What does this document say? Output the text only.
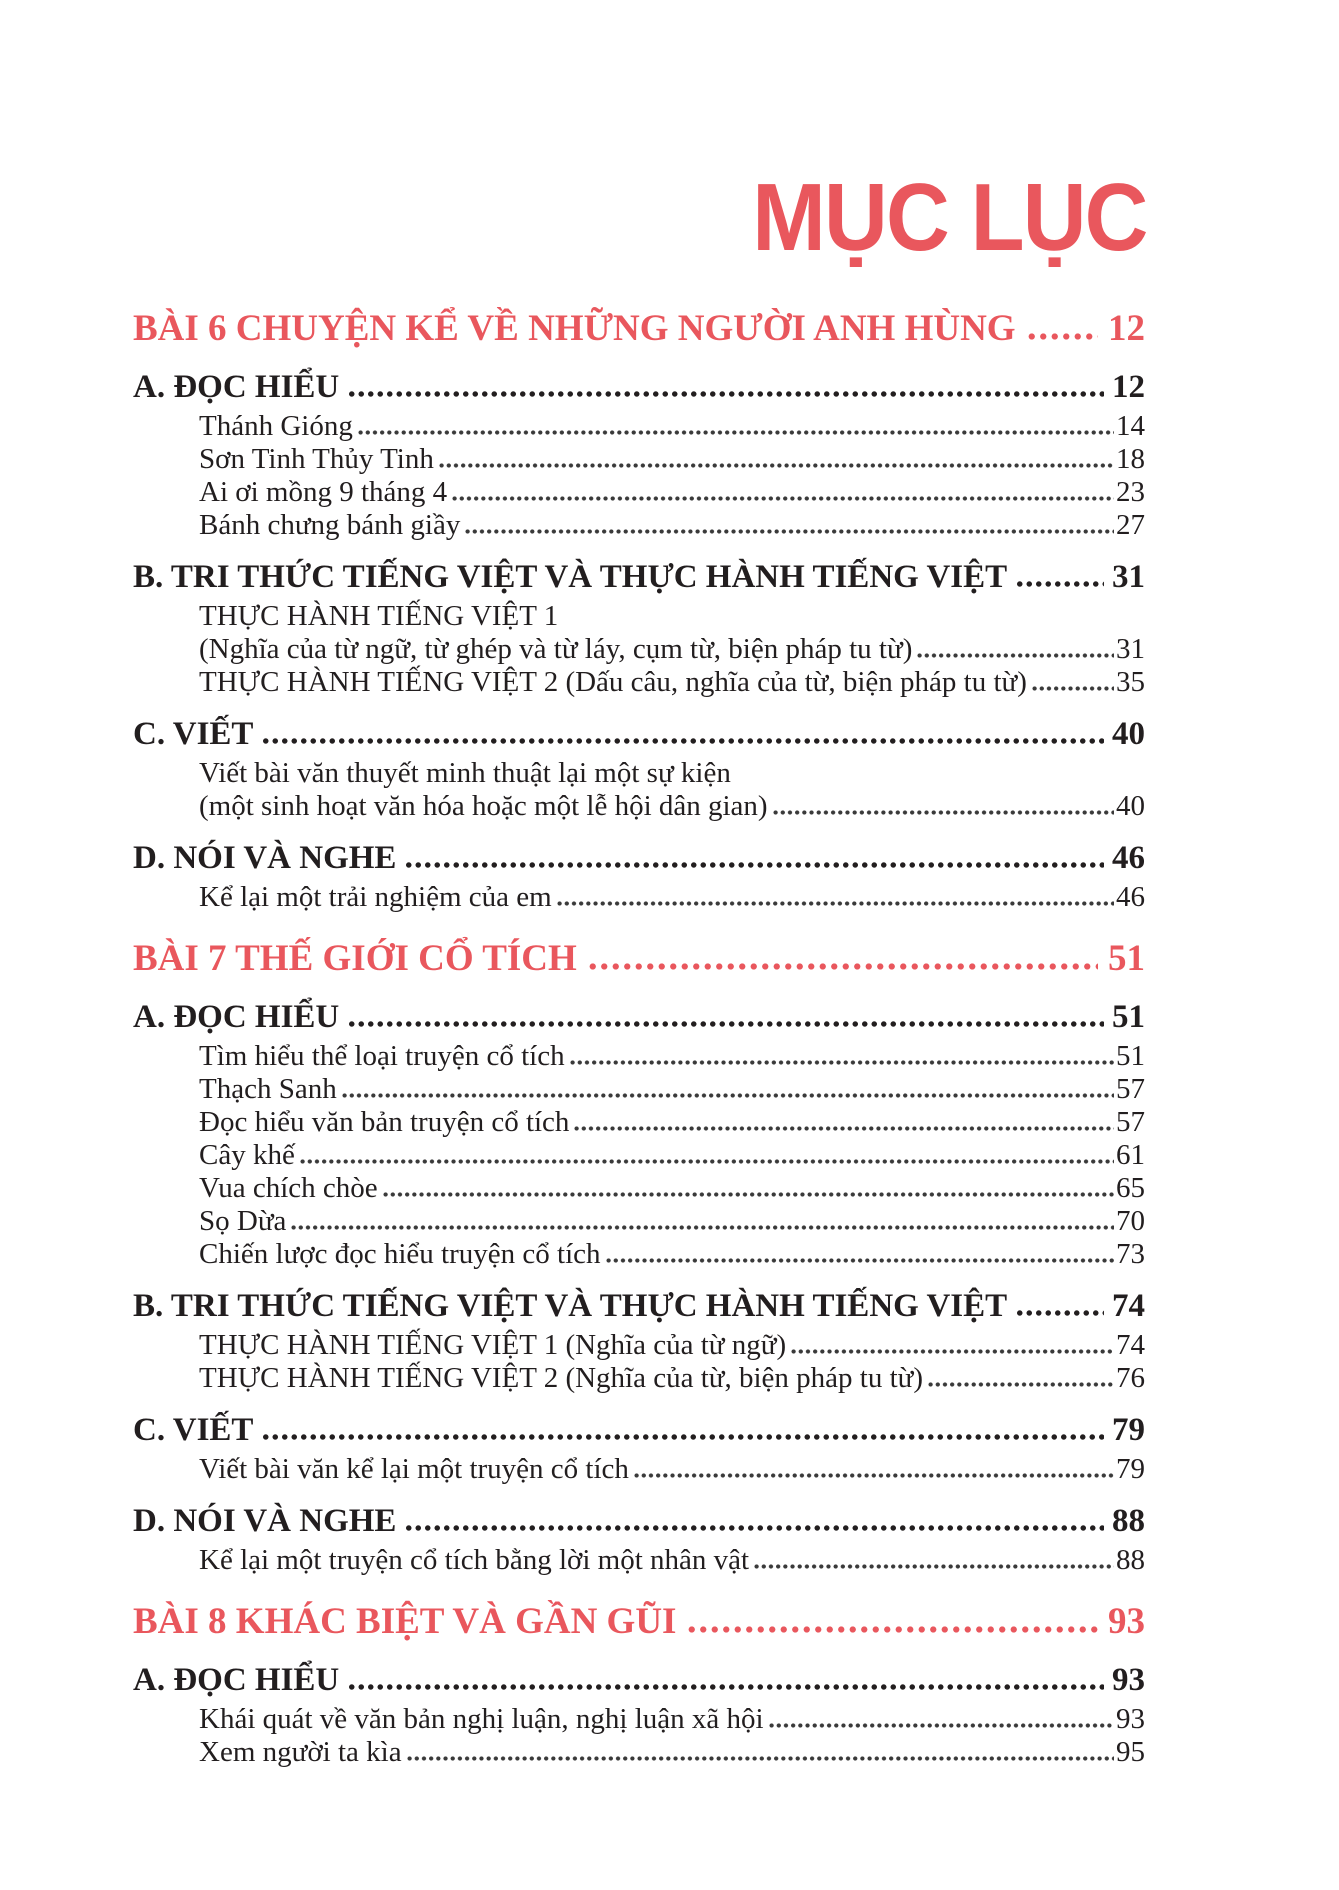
MỤC LỤC
BÀI 6 CHUYỆN KỂ VỀ NHỮNG NGƯỜI ANH HÙNG 12
A. ĐỌC HIỂU	12
Thánh Gióng	14
Sơn Tinh Thủy Tinh	18
Ai ơi mồng 9 tháng 4	23
Bánh chưng bánh giầy	27
B. TRI THỨC TIẾNG VIỆT VÀ THỰC HÀNH TIẾNG VIỆT	31
THỰC HÀNH TIẾNG VIỆT 1
(Nghĩa của từ ngữ, từ ghép và từ láy, cụm từ, biện pháp tu từ)	31
THỰC HÀNH TIẾNG VIỆT 2 (Dấu câu, nghĩa của từ, biện pháp tu từ)	35
C. VIẾT	40
Viết bài văn thuyết minh thuật lại một sự kiện
(một sinh hoạt văn hóa hoặc một lễ hội dân gian)	40
D. NÓI VÀ NGHE	46
Kể lại một trải nghiệm của em	46
BÀI 7 THẾ GIỚI CỔ TÍCH	51
A. ĐỌC HIỂU	51
Tìm hiểu thể loại truyện cổ tích	51
Thạch Sanh	57
Đọc hiểu văn bản truyện cổ tích	57
Cây khế	61
Vua chích chòe	65
Sọ Dừa	70
Chiến lược đọc hiểu truyện cổ tích	73
B. TRI THỨC TIẾNG VIỆT VÀ THỰC HÀNH TIẾNG VIỆT	74
THỰC HÀNH TIẾNG VIỆT 1 (Nghĩa của từ ngữ)	74
THỰC HÀNH TIẾNG VIỆT 2 (Nghĩa của từ, biện pháp tu từ)	76
C. VIẾT	79
Viết bài văn kể lại một truyện cổ tích	79
D. NÓI VÀ NGHE	88
Kể lại một truyện cổ tích bằng lời một nhân vật	88
BÀI 8 KHÁC BIỆT VÀ GẦN GŨI	93
A. ĐỌC HIỂU	93
Khái quát về văn bản nghị luận, nghị luận xã hội	93
Xem người ta kìa	95
